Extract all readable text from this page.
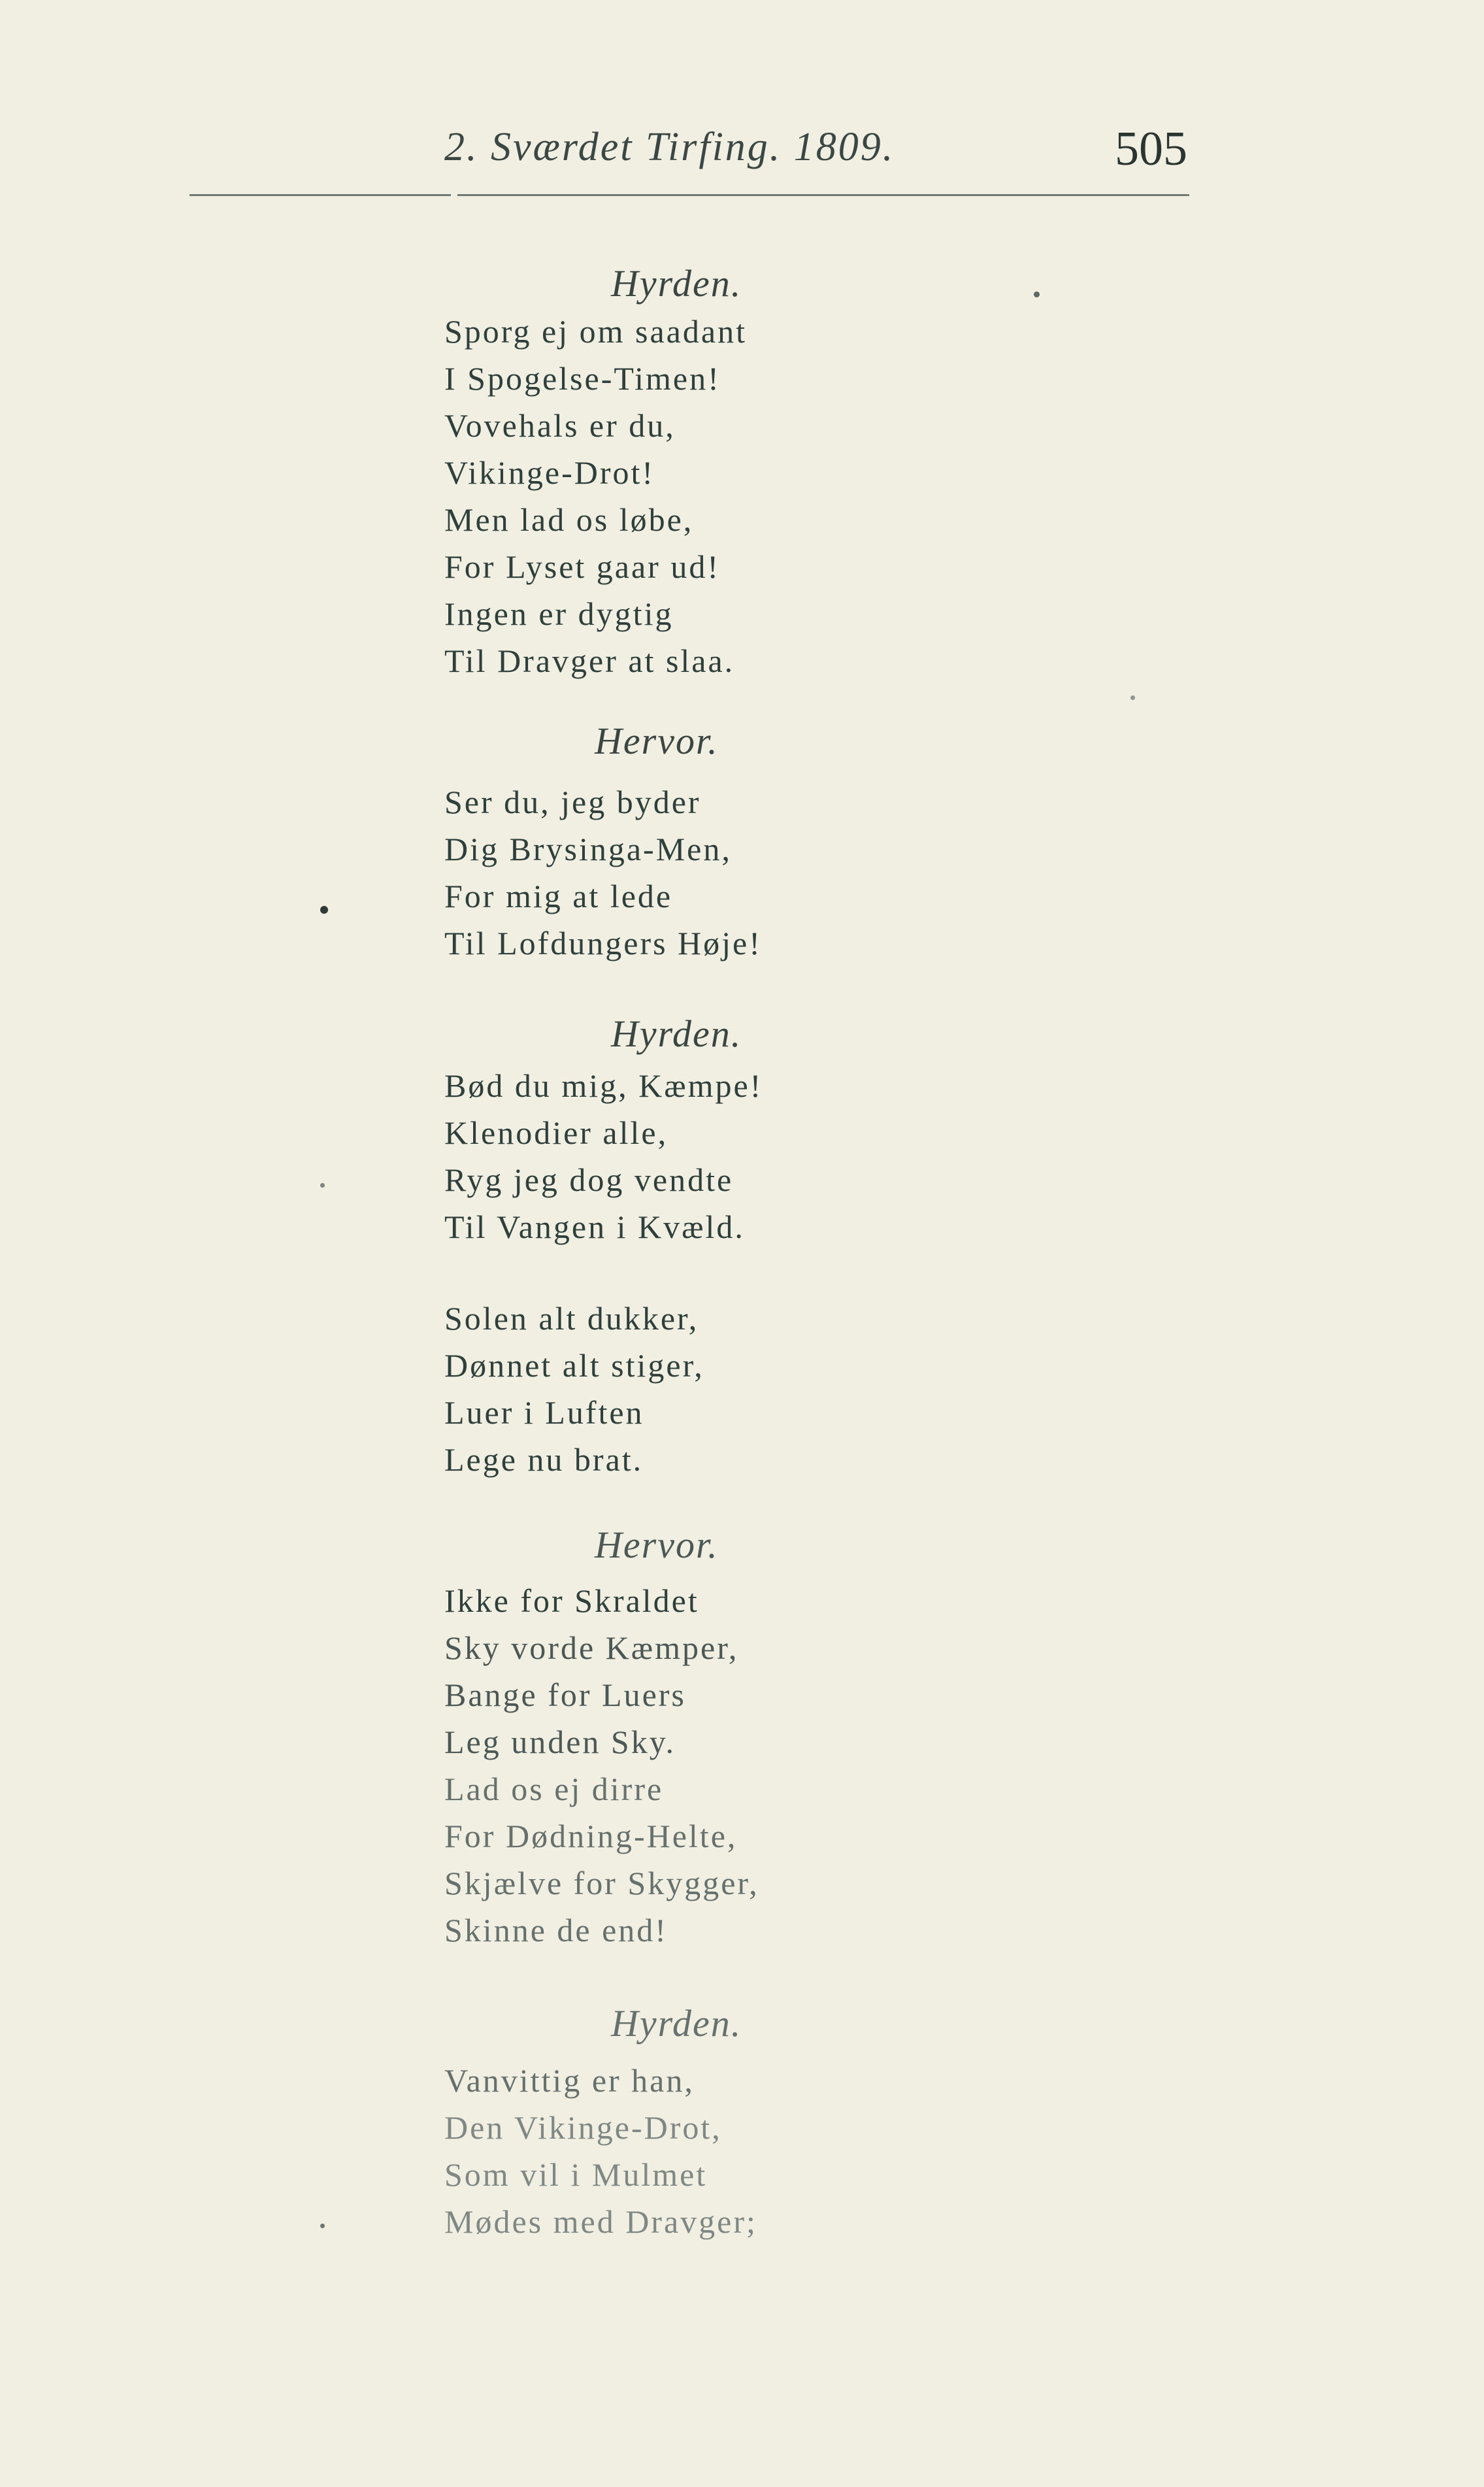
2. Sværdet Tirfing. 1809.	505
Hyrden.
Sporg ej om saadant
I Spogelse-Timen!
Vovehals er du,
Vikinge-Drot!
Men lad os løbe,
For Lyset gaar ud!
Ingen er dygtig
Til Dravger at slaa.
Hervor.
Ser du, jeg byder
Dig Brysinga-Men,
For mig at lede
Til Lofdungers Høje!
Hyrden.
Bød du mig, Kæmpe!
Klenodier alle,
Ryg jeg dog vendte
Til Vangen i Kvæld.
Solen alt dukker,
Dønnet alt stiger,
Luer i Luften
Lege nu brat.
Hervor.
Ikke for Skraldet
Sky vorde Kæmper,
Bange for Luers
Leg unden Sky.
Lad os ej dirre
For Dødning-Helte,
Skjælve for Skygger,
Skinne de end!
Hyrden.
Vanvittig er han,
Den Vikinge-Drot,
Som vil i Mulmet
Mødes med Dravger;
